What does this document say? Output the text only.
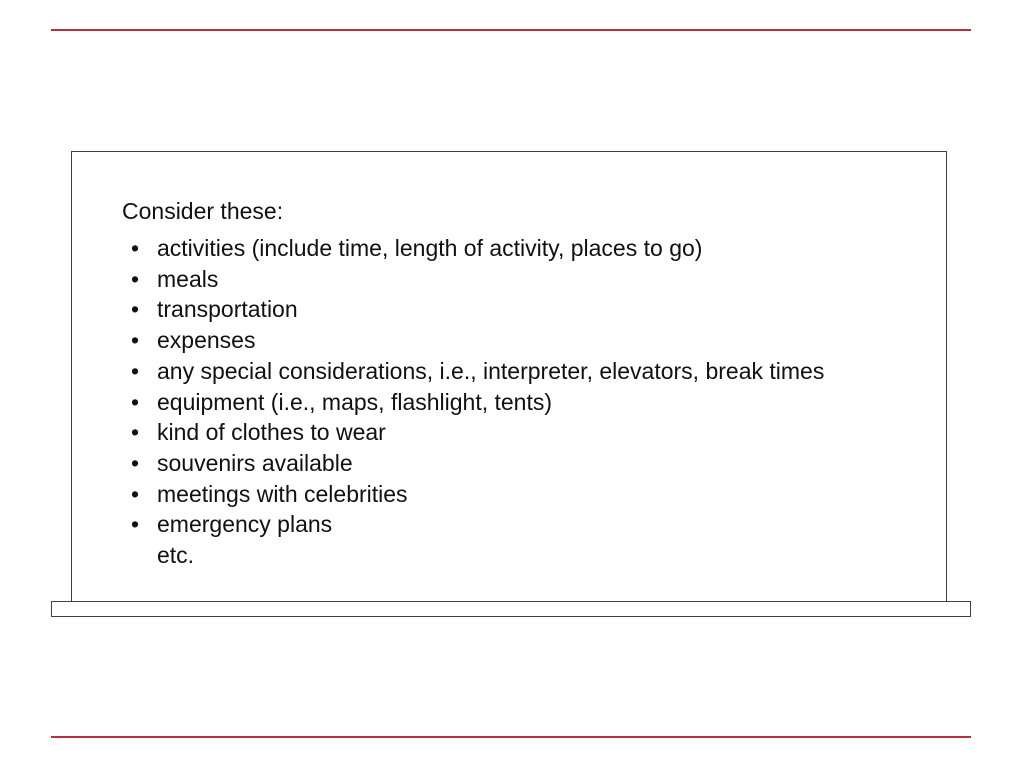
Consider these:
• activities (include time, length of activity, places to go)
• meals
• transportation
• expenses
• any special considerations, i.e., interpreter, elevators, break times
• equipment (i.e., maps, flashlight, tents)
• kind of clothes to wear
• souvenirs available
• meetings with celebrities
• emergency plans
etc.
